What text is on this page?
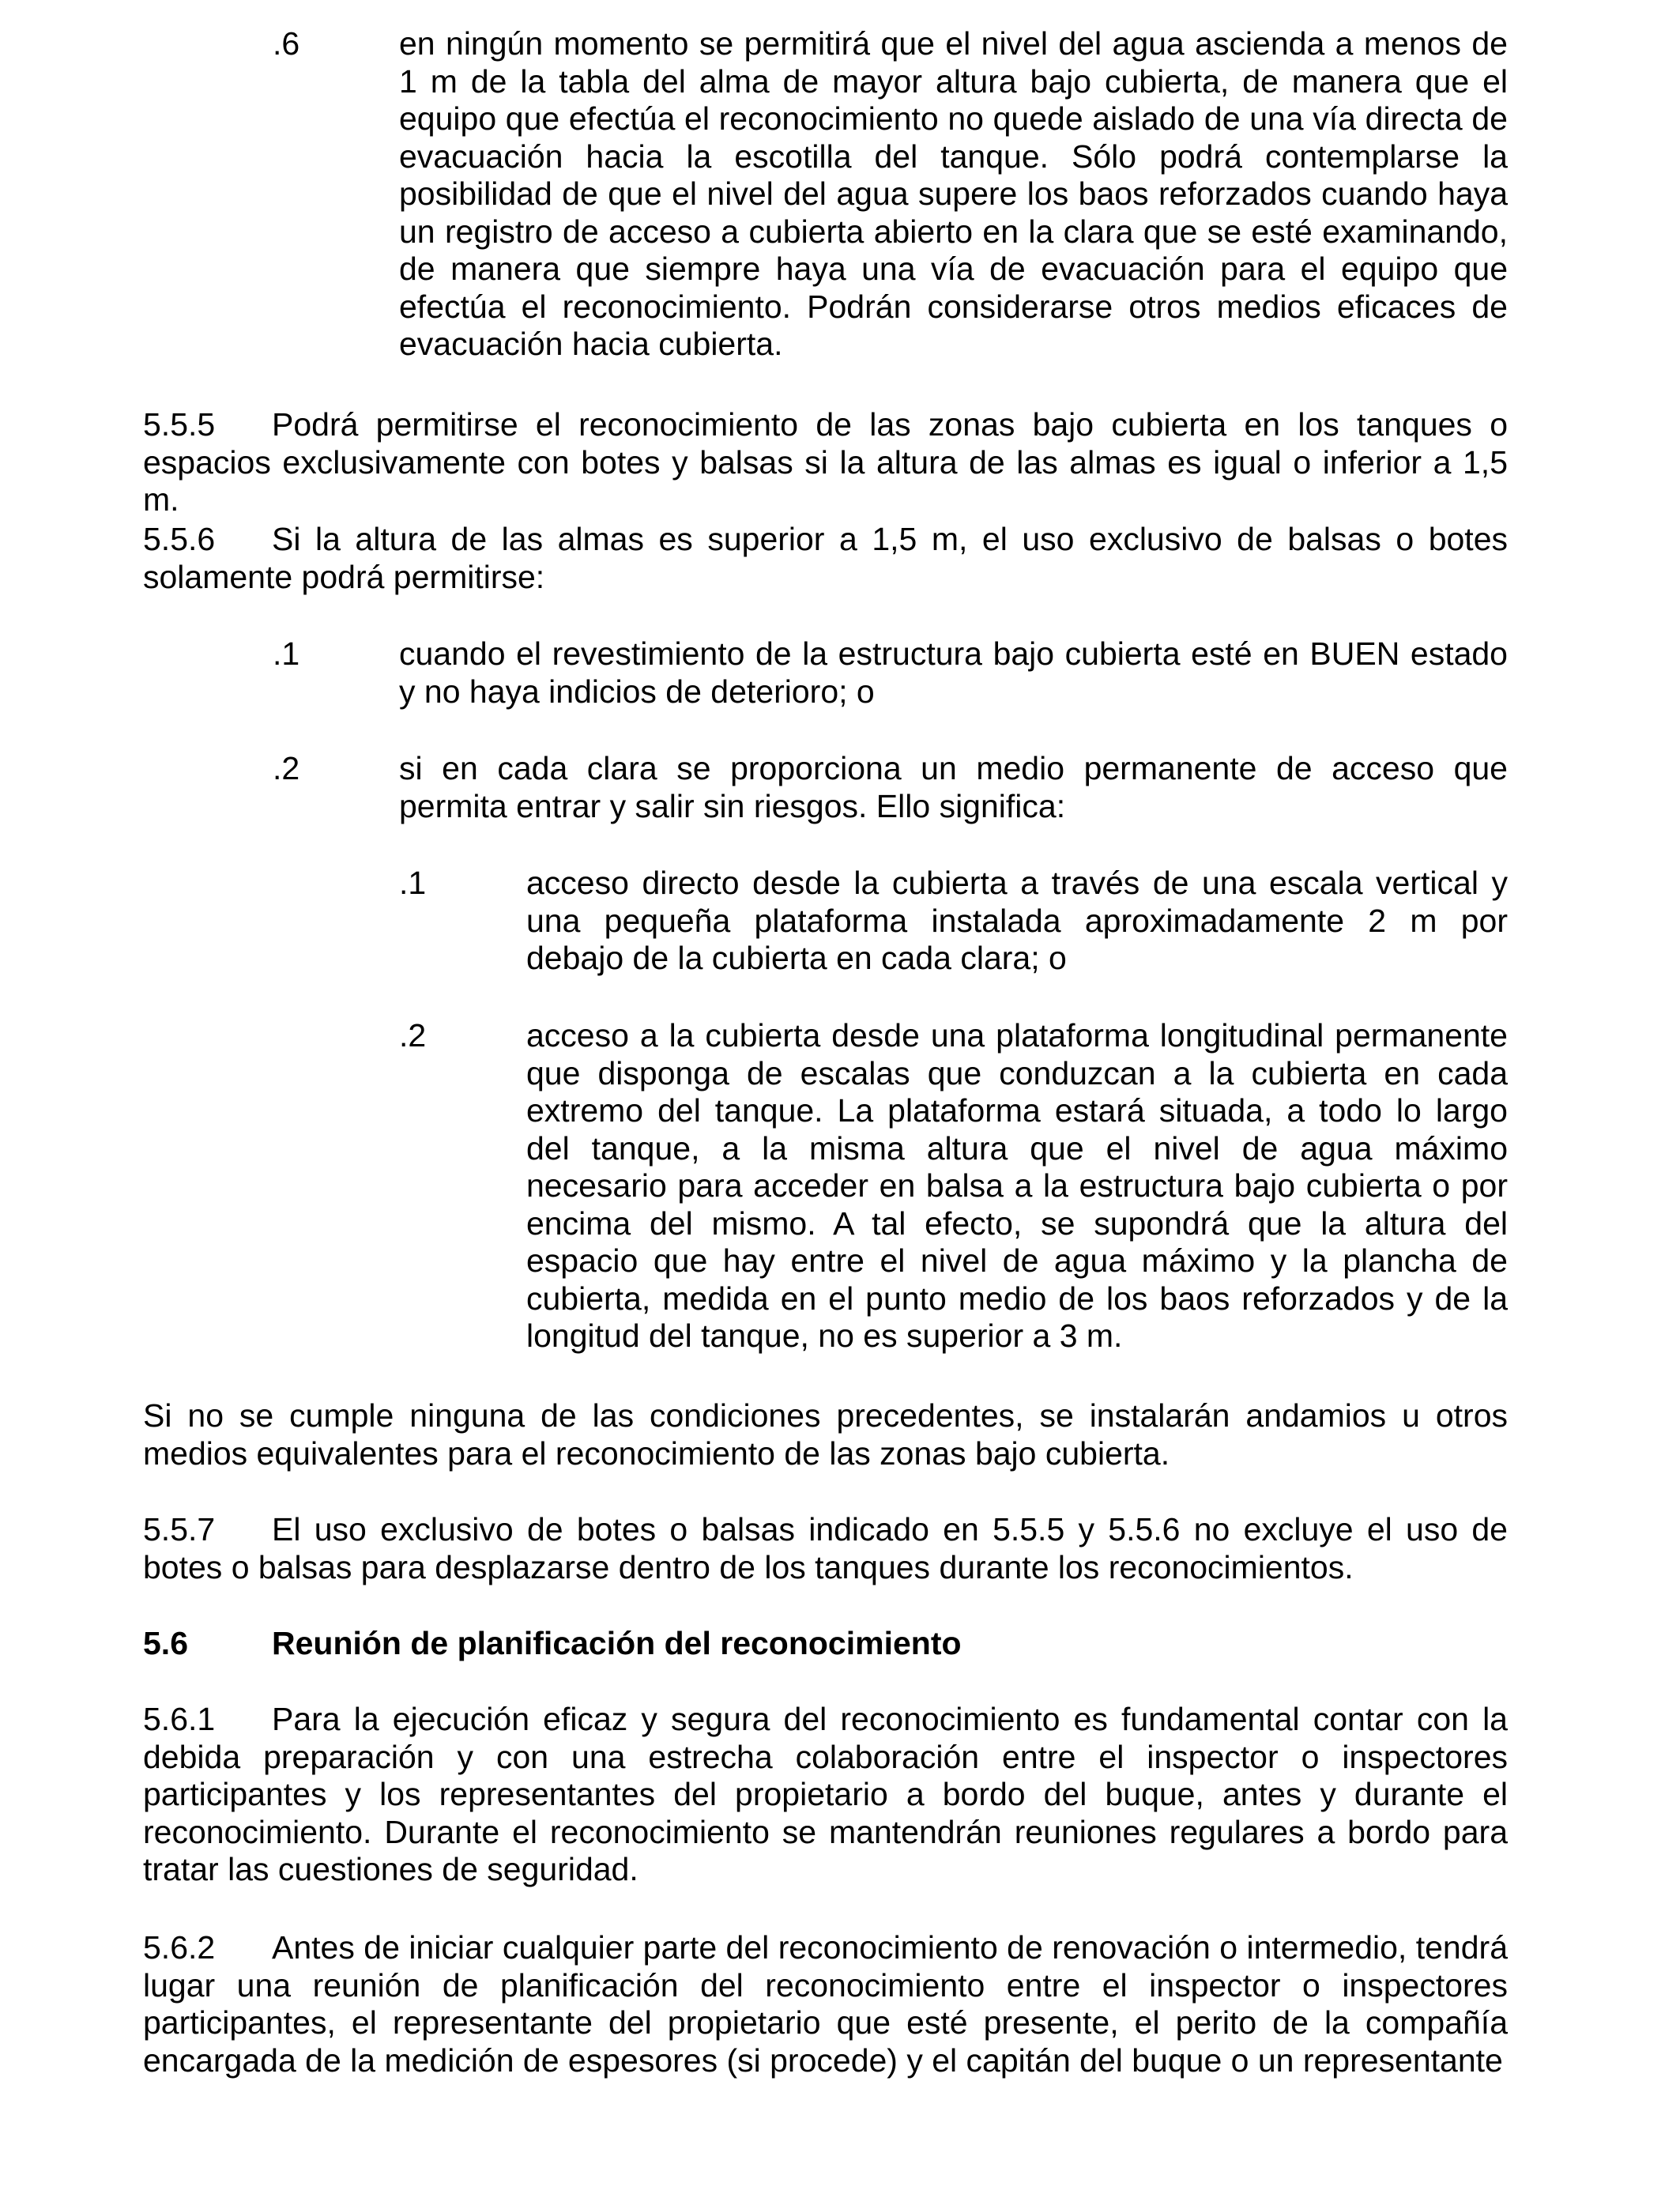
.6	en ningún momento se permitirá que el nivel del agua ascienda a menos de 1 m de la tabla del alma de mayor altura bajo cubierta, de manera que el equipo que efectúa el reconocimiento no quede aislado de una vía directa de evacuación hacia la escotilla del tanque. Sólo podrá contemplarse la posibilidad de que el nivel del agua supere los baos reforzados cuando haya un registro de acceso a cubierta abierto en la clara que se esté examinando, de manera que siempre haya una vía de evacuación para el equipo que efectúa el reconocimiento. Podrán considerarse otros medios eficaces de evacuación hacia cubierta.

5.5.5 Podrá permitirse el reconocimiento de las zonas bajo cubierta en los tanques o espacios exclusivamente con botes y balsas si la altura de las almas es igual o inferior a 1,5 m.

5.5.6 Si la altura de las almas es superior a 1,5 m, el uso exclusivo de balsas o botes solamente podrá permitirse:

.1	cuando el revestimiento de la estructura bajo cubierta esté en BUEN estado y no haya indicios de deterioro; o

.2	si en cada clara se proporciona un medio permanente de acceso que permita entrar y salir sin riesgos. Ello significa:

.1	acceso directo desde la cubierta a través de una escala vertical y una pequeña plataforma instalada aproximadamente 2 m por debajo de la cubierta en cada clara; o

.2	acceso a la cubierta desde una plataforma longitudinal permanente que disponga de escalas que conduzcan a la cubierta en cada extremo del tanque. La plataforma estará situada, a todo lo largo del tanque, a la misma altura que el nivel de agua máximo necesario para acceder en balsa a la estructura bajo cubierta o por encima del mismo. A tal efecto, se supondrá que la altura del espacio que hay entre el nivel de agua máximo y la plancha de cubierta, medida en el punto medio de los baos reforzados y de la longitud del tanque, no es superior a 3 m.

Si no se cumple ninguna de las condiciones precedentes, se instalarán andamios u otros medios equivalentes para el reconocimiento de las zonas bajo cubierta.

5.5.7 El uso exclusivo de botes o balsas indicado en 5.5.5 y 5.5.6 no excluye el uso de botes o balsas para desplazarse dentro de los tanques durante los reconocimientos.

5.6	Reunión de planificación del reconocimiento

5.6.1 Para la ejecución eficaz y segura del reconocimiento es fundamental contar con la debida preparación y con una estrecha colaboración entre el inspector o inspectores participantes y los representantes del propietario a bordo del buque, antes y durante el reconocimiento. Durante el reconocimiento se mantendrán reuniones regulares a bordo para tratar las cuestiones de seguridad.

5.6.2 Antes de iniciar cualquier parte del reconocimiento de renovación o intermedio, tendrá lugar una reunión de planificación del reconocimiento entre el inspector o inspectores participantes, el representante del propietario que esté presente, el perito de la compañía encargada de la medición de espesores (si procede) y el capitán del buque o un representante
